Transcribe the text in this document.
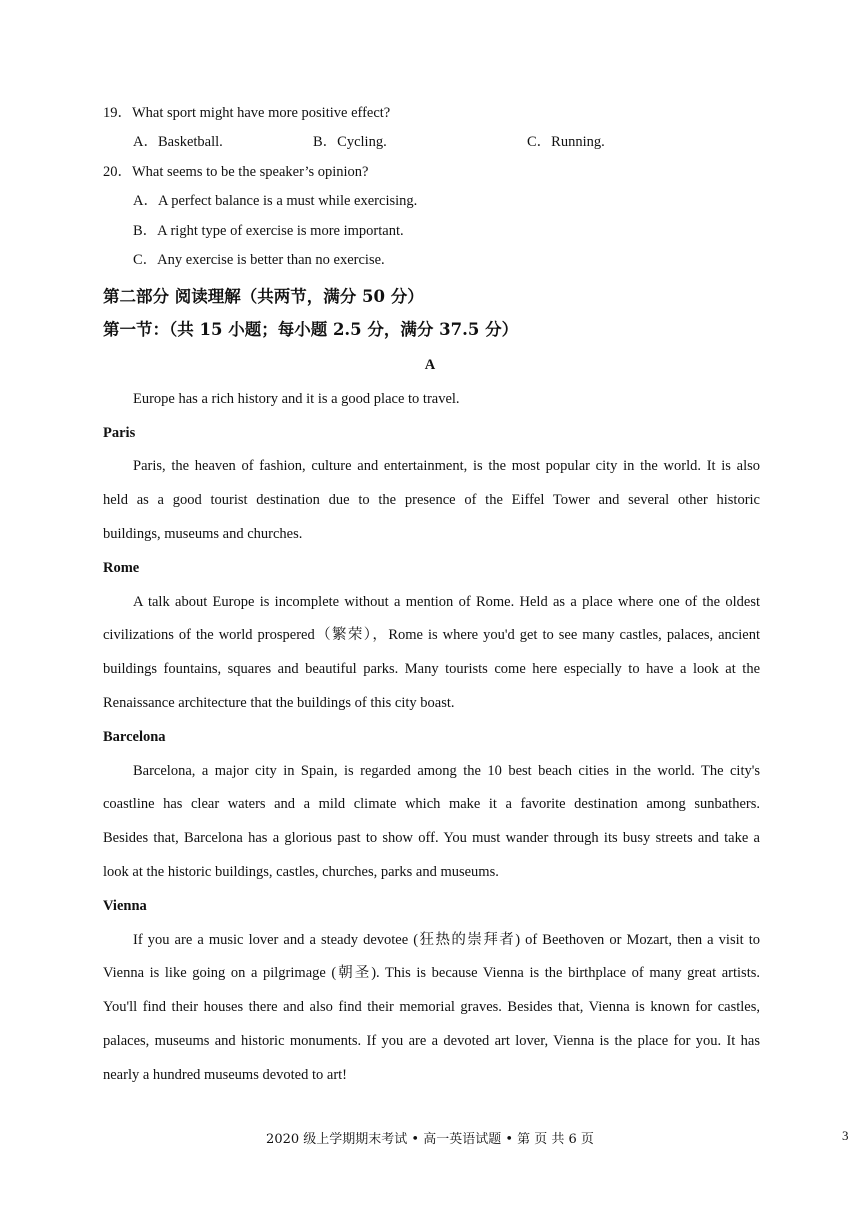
19．What sport might have more positive effect?
A．Basketball.	B．Cycling.	C．Running.
20．What seems to be the speaker’s opinion?
A．A perfect balance is a must while exercising.
B．A right type of exercise is more important.
C．Any exercise is better than no exercise.
第二部分 阅读理解（共两节，满分 50 分）
第一节：（共 15 小题；每小题 2.5 分，满分 37.5 分）
A
Europe has a rich history and it is a good place to travel.
Paris
Paris, the heaven of fashion, culture and entertainment, is the most popular city in the world. It is also
held as a good tourist destination due to the presence of the Eiffel Tower and several other historic
buildings, museums and churches.
Rome
A talk about Europe is incomplete without a mention of Rome. Held as a place where one of the oldest
civilizations of the world prospered（繁荣），Rome is where you'd get to see many castles, palaces, ancient
buildings fountains, squares and beautiful parks. Many tourists come here especially to have a look at the
Renaissance architecture that the buildings of this city boast.
Barcelona
Barcelona, a major city in Spain, is regarded among the 10 best beach cities in the world. The city's
coastline has clear waters and a mild climate which make it a favorite destination among sunbathers.
Besides that, Barcelona has a glorious past to show off. You must wander through its busy streets and take a
look at the historic buildings, castles, churches, parks and museums.
Vienna
If you are a music lover and a steady devotee (狂热的崇拜者) of Beethoven or Mozart, then a visit to
Vienna is like going on a pilgrimage (朝圣). This is because Vienna is the birthplace of many great artists.
You'll find their houses there and also find their memorial graves. Besides that, Vienna is known for castles,
palaces, museums and historic monuments. If you are a devoted art lover, Vienna is the place for you. It has
nearly a hundred museums devoted to art!
2020 级上学期期末考试 • 高一英语试题 • 第 页 共 6 页	3
